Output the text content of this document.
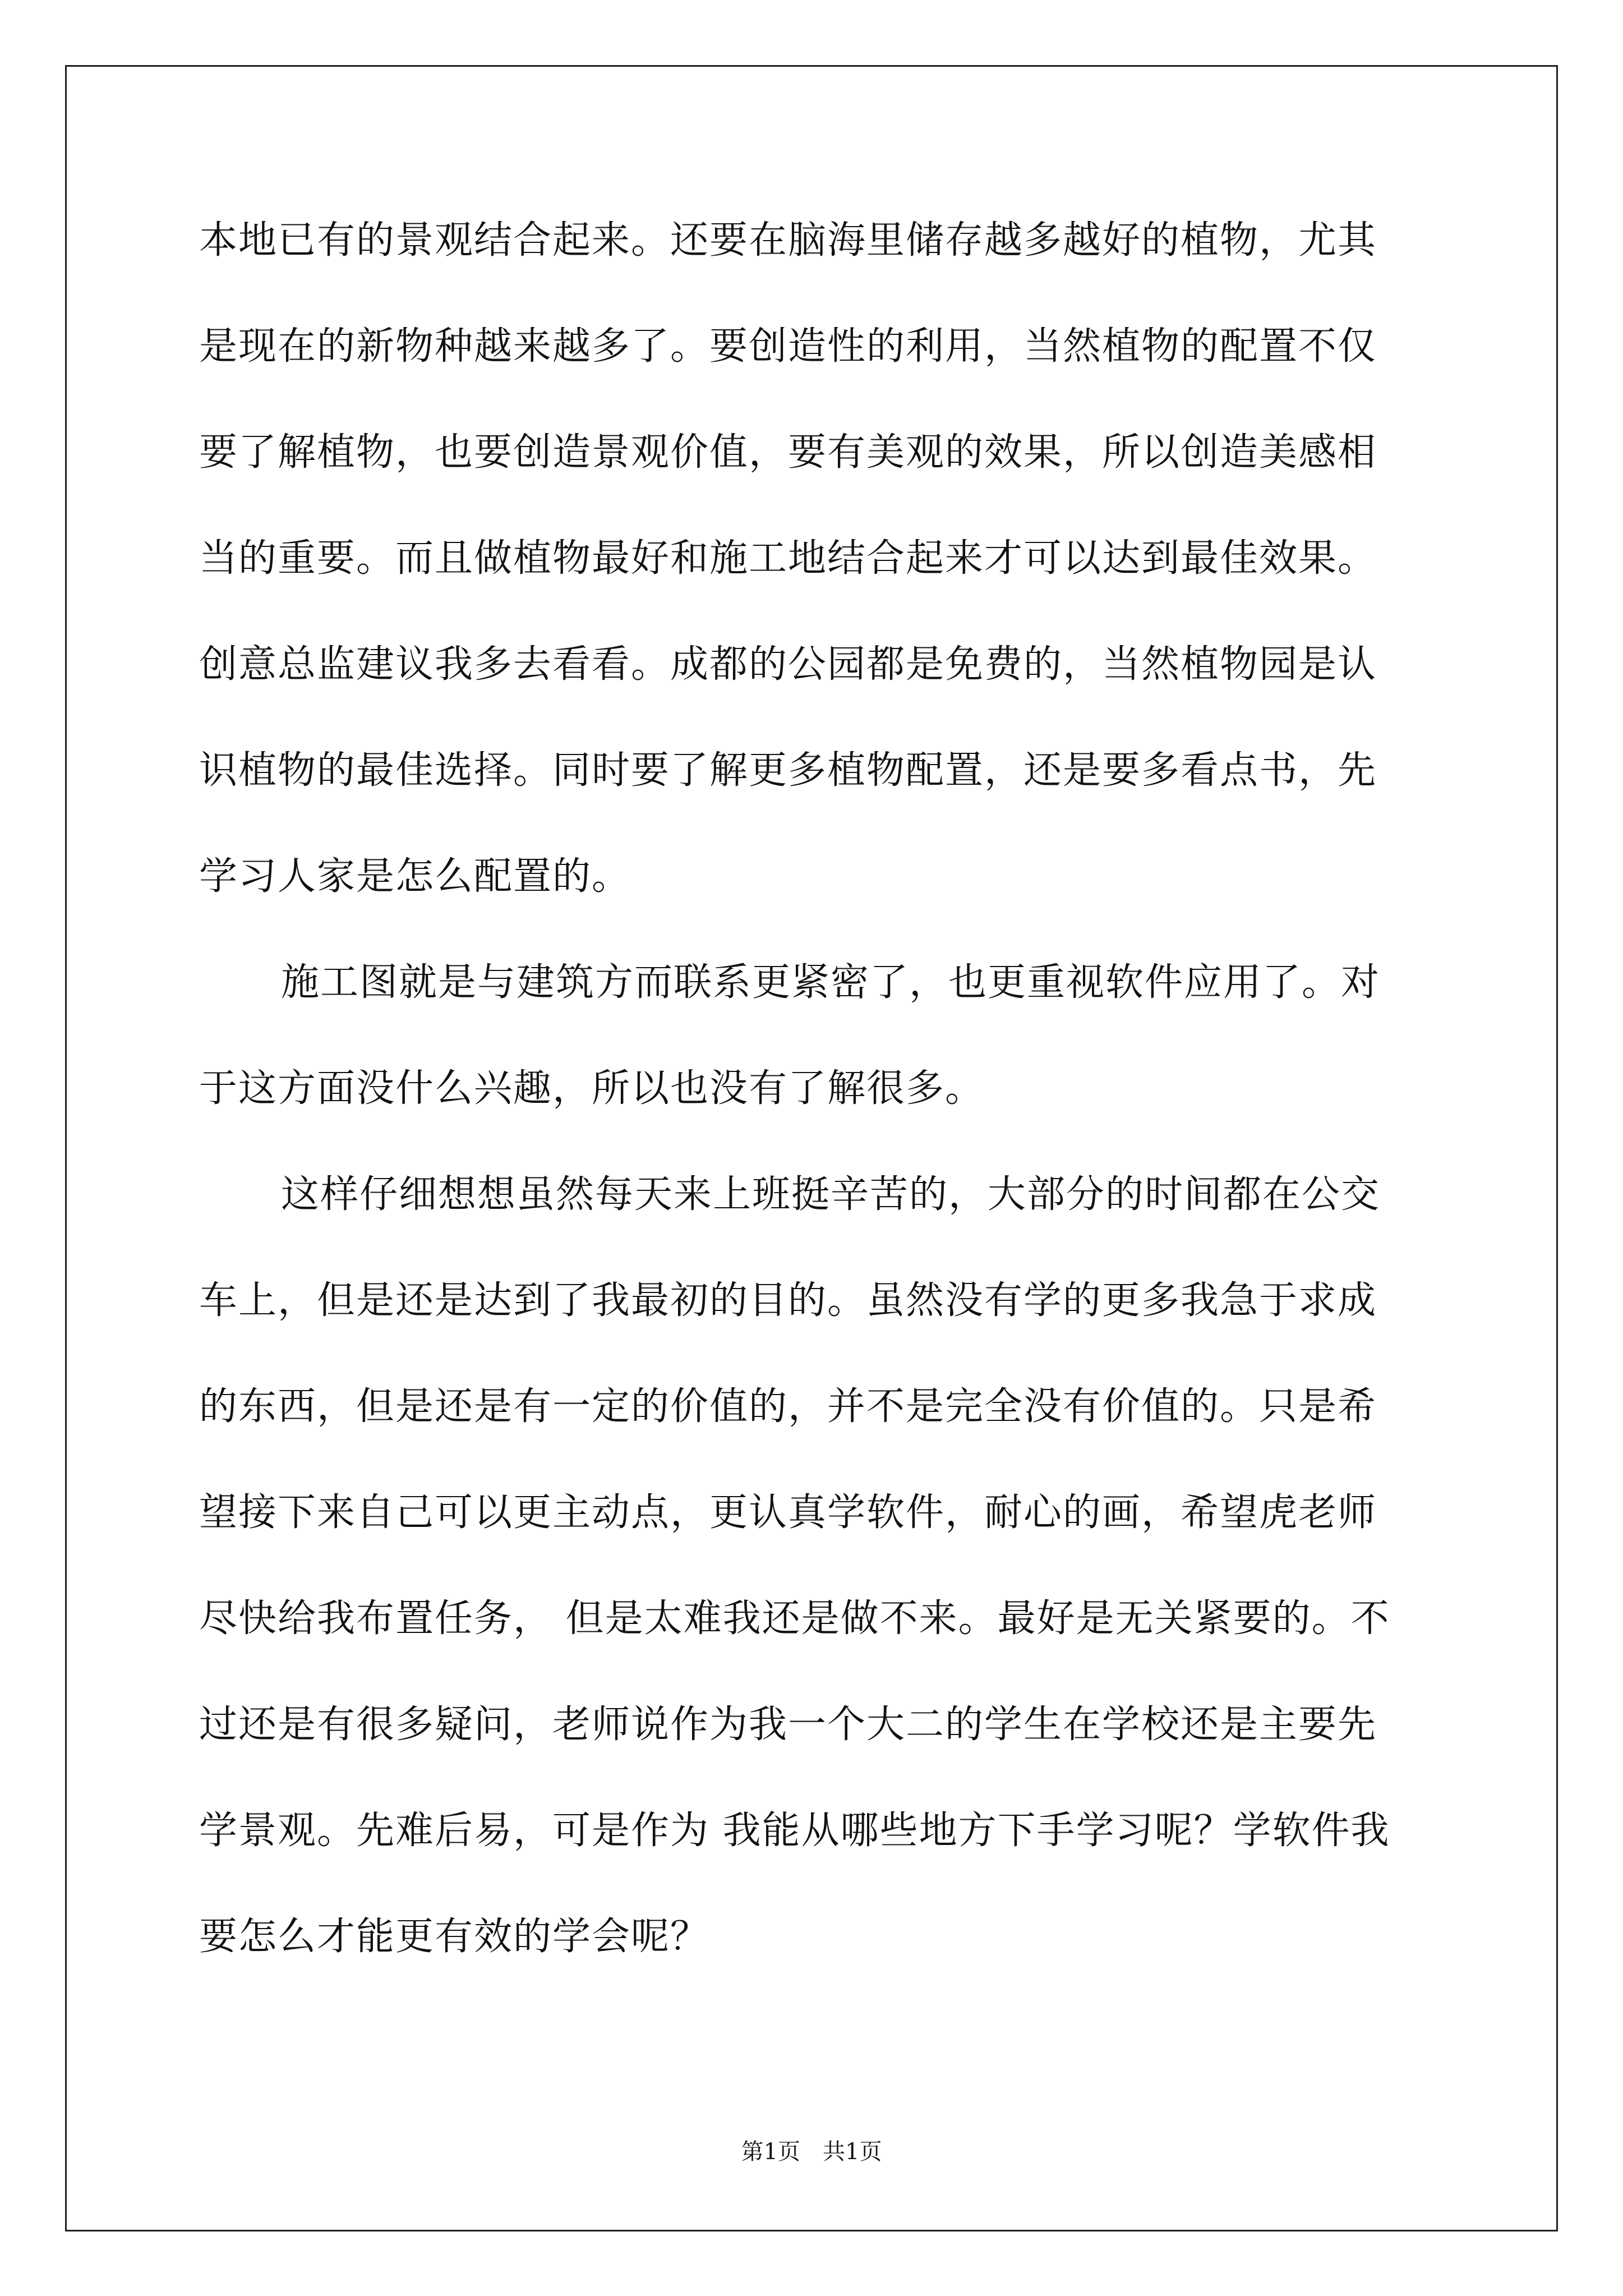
本地已有的景观结合起来。还要在脑海里储存越多越好的植物，尤其
是现在的新物种越来越多了。要创造性的利用，当然植物的配置不仅
要了解植物，也要创造景观价值，要有美观的效果，所以创造美感相
当的重要。而且做植物最好和施工地结合起来才可以达到最佳效果。
创意总监建议我多去看看。成都的公园都是免费的，当然植物园是认
识植物的最佳选择。同时要了解更多植物配置，还是要多看点书，先
学习人家是怎么配置的。
施工图就是与建筑方而联系更紧密了，也更重视软件应用了。对
于这方面没什么兴趣，所以也没有了解很多。
这样仔细想想虽然每天来上班挺辛苦的，大部分的时间都在公交
车上，但是还是达到了我最初的目的。虽然没有学的更多我急于求成
的东西，但是还是有一定的价值的，并不是完全没有价值的。只是希
望接下来自己可以更主动点，更认真学软件，耐心的画，希望虎老师
尽快给我布置任务， 但是太难我还是做不来。最好是无关紧要的。不
过还是有很多疑问，老师说作为我一个大二的学生在学校还是主要先
学景观。先难后易，可是作为 我能从哪些地方下手学习呢？学软件我
要怎么才能更有效的学会呢？
第1页　共1页
